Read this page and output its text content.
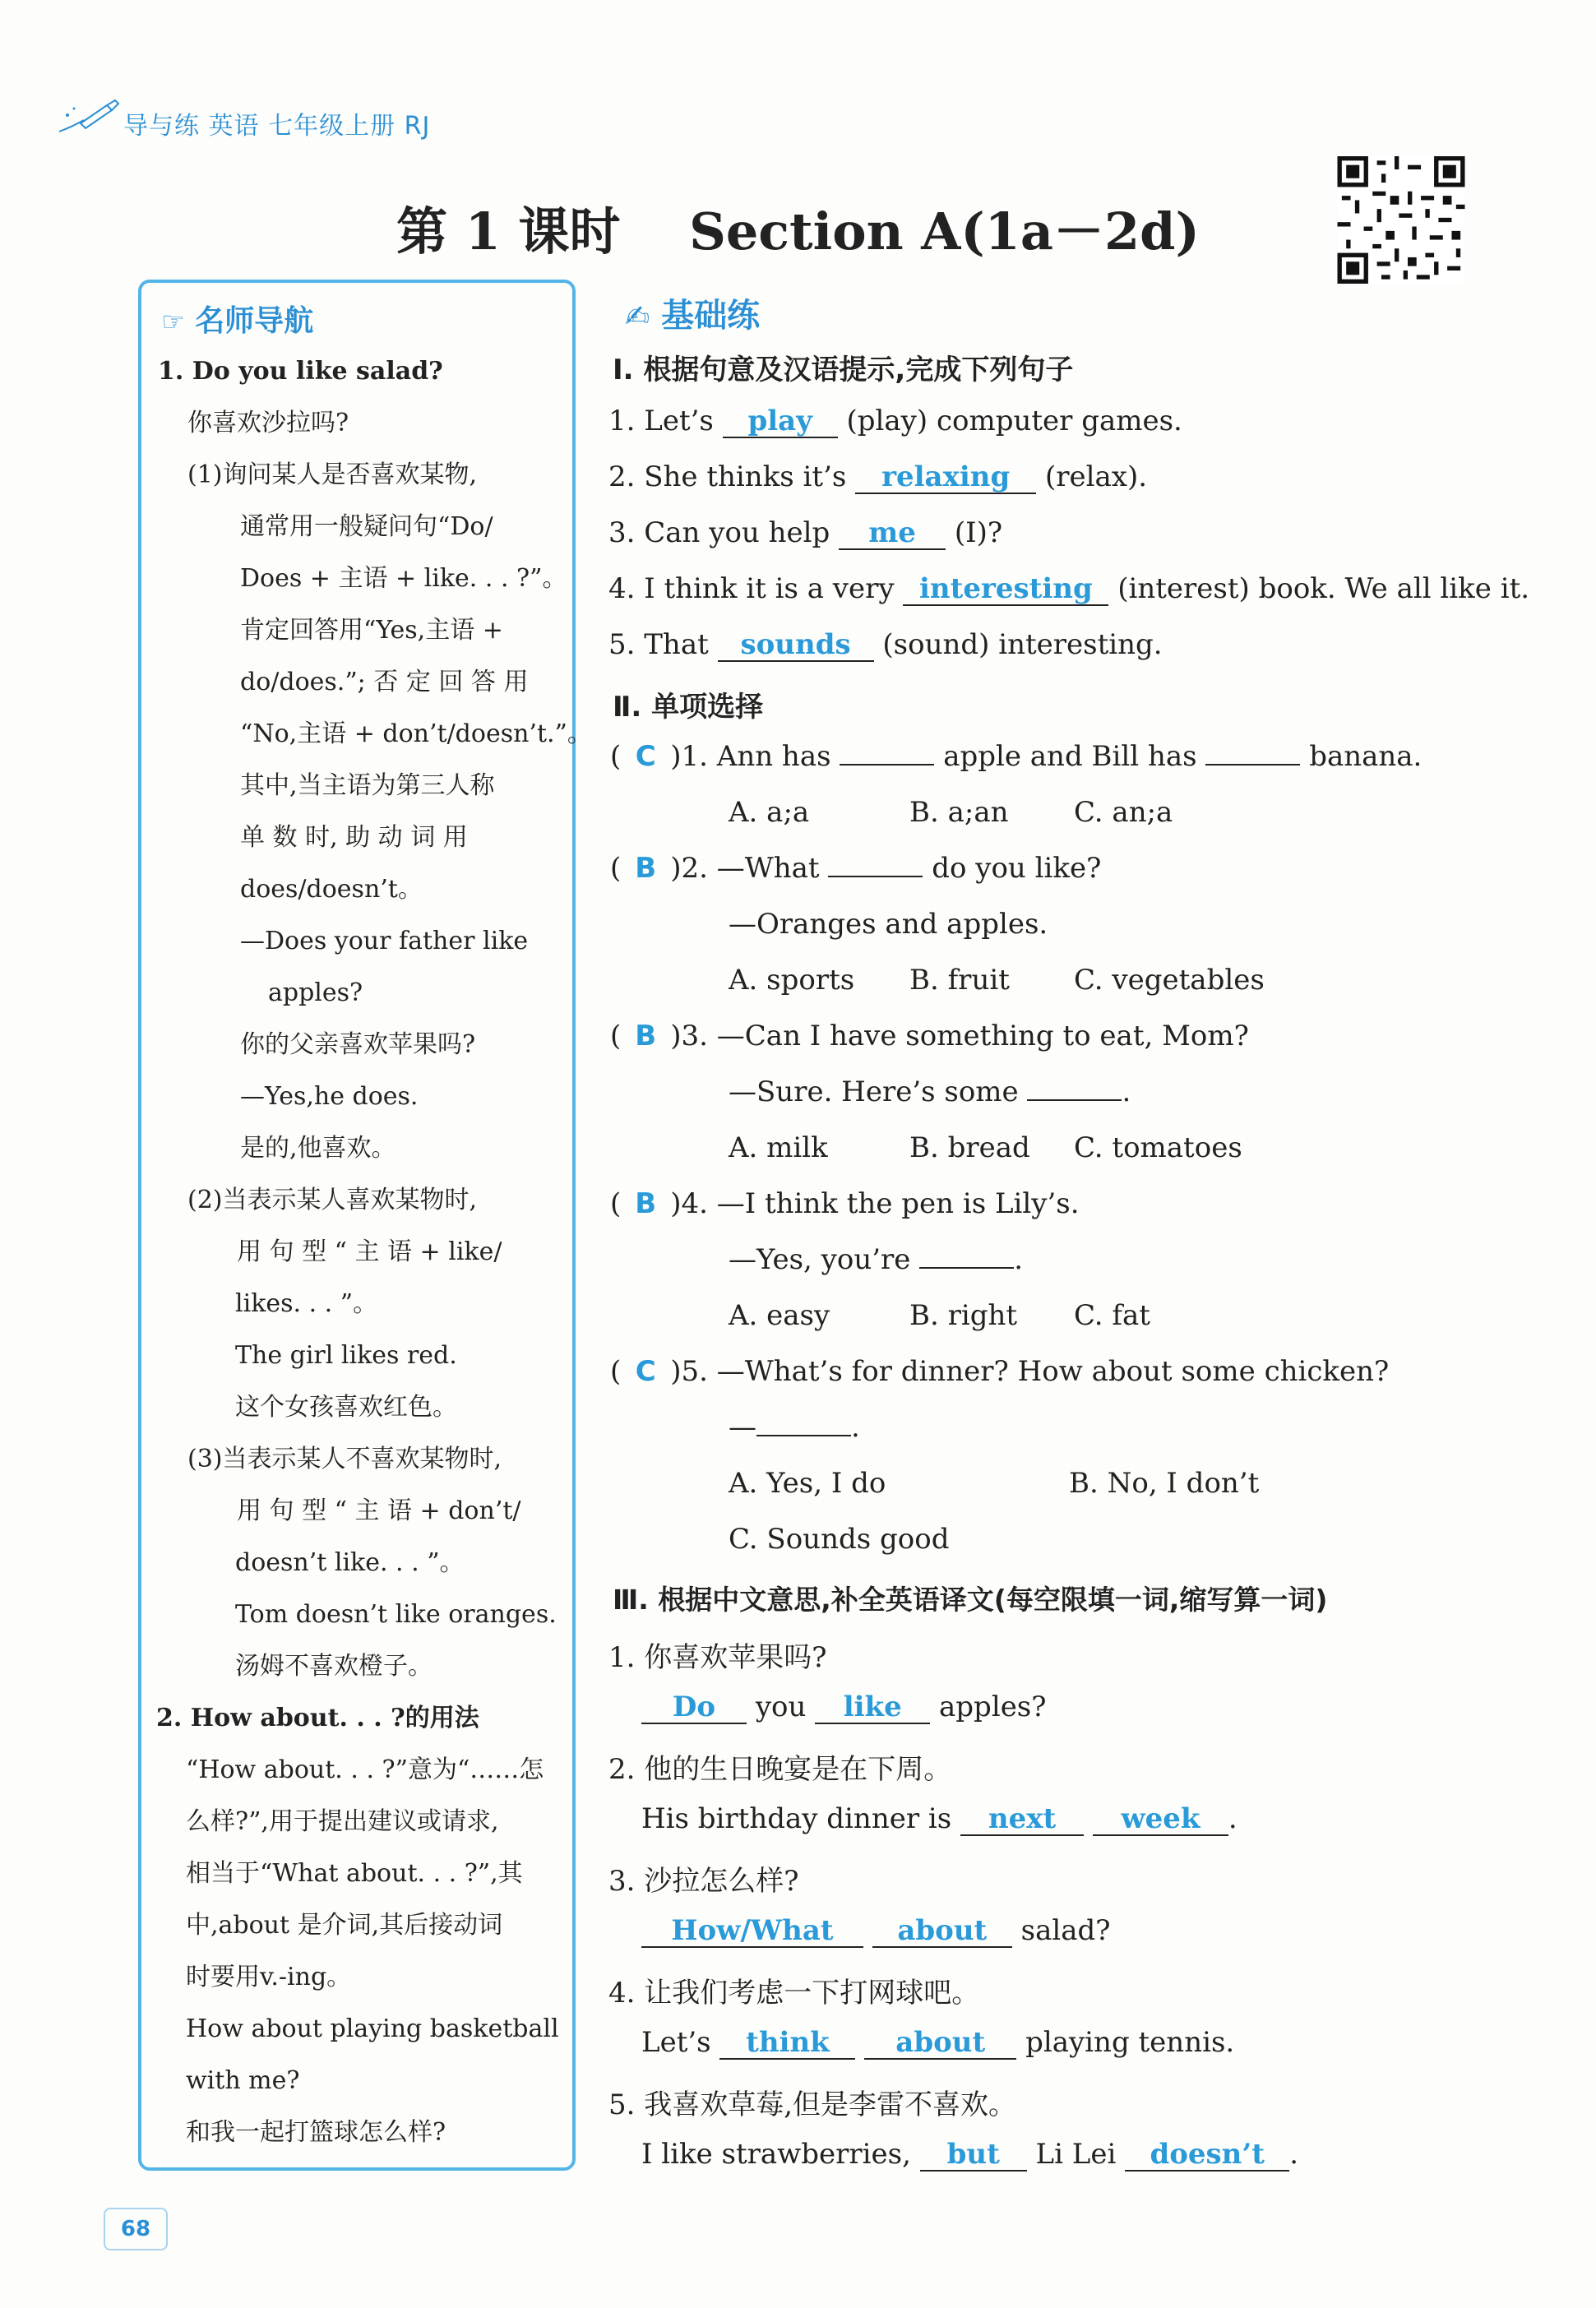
导与练 英语 七年级上册 RJ
第 1 课时　 Section A(1a－2d)
☞ 名师导航
1. Do you like salad?
你喜欢沙拉吗?
(1)询问某人是否喜欢某物,
通常用一般疑问句“Do/
Does + 主语 + like. . . ?”。
肯定回答用“Yes,主语 +
do/does.”; 否 定 回 答 用
“No,主语 + don’t/doesn’t.”。
其中,当主语为第三人称
单 数 时, 助 动 词 用
does/doesn’t。
—Does your father like
apples?
你的父亲喜欢苹果吗?
—Yes,he does.
是的,他喜欢。
(2)当表示某人喜欢某物时,
用 句 型 “ 主 语 + like/
likes. . . ”。
The girl likes red.
这个女孩喜欢红色。
(3)当表示某人不喜欢某物时,
用 句 型 “ 主 语 + don’t/
doesn’t like. . . ”。
Tom doesn’t like oranges.
汤姆不喜欢橙子。
2. How about. . . ?的用法
“How about. . . ?”意为“……怎
么样?”,用于提出建议或请求,
相当于“What about. . . ?”,其
中,about 是介词,其后接动词
时要用v.-ing。
How about playing basketball
with me?
和我一起打篮球怎么样?
✍ 基础练
Ⅰ. 根据句意及汉语提示,完成下列句子
1. Let’s play (play) computer games.
2. She thinks it’s relaxing (relax).
3. Can you help me (I)?
4. I think it is a very interesting (interest) book. We all like it.
5. That sounds (sound) interesting.
Ⅱ. 单项选择
( C )1. Ann has	apple and Bill has	banana.
A. a;a	B. a;an C. an;a
( B )2. —What	do you like?
—Oranges and apples.
A. sports B. fruit C. vegetables
( B )3. —Can I have something to eat, Mom?
—Sure. Here’s some	.
A. milk	B. bread C. tomatoes
( B )4. —I think the pen is Lily’s.
—Yes, you’re	.
A. easy	B. right C. fat
( C )5. —What’s for dinner? How about some chicken?
—	.
A. Yes, I do	B. No, I don’t
C. Sounds good
Ⅲ. 根据中文意思,补全英语译文(每空限填一词,缩写算一词)
1. 你喜欢苹果吗?
Do you like apples?
2. 他的生日晚宴是在下周。
His birthday dinner is next week .
3. 沙拉怎么样?
How/What about salad?
4. 让我们考虑一下打网球吧。
Let’s think about playing tennis.
5. 我喜欢草莓,但是李雷不喜欢。
I like strawberries, but Li Lei doesn’t .
68
